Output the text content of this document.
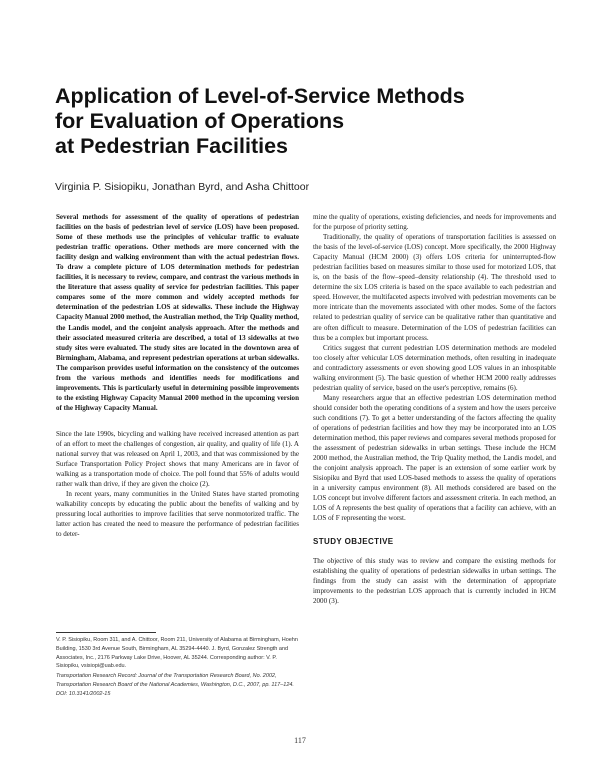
Application of Level-of-Service Methods
for Evaluation of Operations
at Pedestrian Facilities
Virginia P. Sisiopiku, Jonathan Byrd, and Asha Chittoor

Several methods for assessment of the quality of operations of pedestrian facilities on the basis of pedestrian level of service (LOS) have been proposed. Some of these methods use the principles of vehicular traffic to evaluate pedestrian traffic operations. Other methods are more concerned with the facility design and walking environment than with the actual pedestrian flows. To draw a complete picture of LOS determination methods for pedestrian facilities, it is necessary to review, compare, and contrast the various methods in the literature that assess quality of service for pedestrian facilities. This paper compares some of the more common and widely accepted methods for determination of the pedestrian LOS at sidewalks. These include the Highway Capacity Manual 2000 method, the Australian method, the Trip Quality method, the Landis model, and the conjoint analysis approach. After the methods and their associated measured criteria are described, a total of 13 sidewalks at two study sites were evaluated. The study sites are located in the downtown area of Birmingham, Alabama, and represent pedestrian operations at urban sidewalks. The comparison provides useful information on the consistency of the outcomes from the various methods and identifies needs for modifications and improvements. This is particularly useful in determining possible improvements to the existing Highway Capacity Manual 2000 method in the upcoming version of the Highway Capacity Manual.

Since the late 1990s, bicycling and walking have received increased attention as part of an effort to meet the challenges of congestion, air quality, and quality of life (1). A national survey that was released on April 1, 2003, and that was commissioned by the Surface Transportation Policy Project shows that many Americans are in favor of walking as a transportation mode of choice. The poll found that 55% of adults would rather walk than drive, if they are given the choice (2).

In recent years, many communities in the United States have started promoting walkability concepts by educating the public about the benefits of walking and by pressuring local authorities to improve facilities that serve nonmotorized traffic. The latter action has created the need to measure the performance of pedestrian facilities to deter-

V. P. Sisiopiku, Room 311, and A. Chittoor, Room 211, University of Alabama at Birmingham, Hoehn Building, 1530 3rd Avenue South, Birmingham, AL 35294-4440. J. Byrd, Gonzalez Strength and Associates, Inc., 2176 Parkway Lake Drive, Hoover, AL 35244. Corresponding author: V. P. Sisiopiku, vsisiopi@uab.edu.

Transportation Research Record: Journal of the Transportation Research Board, No. 2002, Transportation Research Board of the National Academies, Washington, D.C., 2007, pp. 117–124. DOI: 10.3141/2002-15

mine the quality of operations, existing deficiencies, and needs for improvements and for the purpose of priority setting.

Traditionally, the quality of operations of transportation facilities is assessed on the basis of the level-of-service (LOS) concept. More specifically, the 2000 Highway Capacity Manual (HCM 2000) (3) offers LOS criteria for uninterrupted-flow pedestrian facilities based on measures similar to those used for motorized LOS, that is, on the basis of the flow–speed–density relationship (4). The threshold used to determine the six LOS criteria is based on the space available to each pedestrian and speed. However, the multifaceted aspects involved with pedestrian movements can be more intricate than the movements associated with other modes. Some of the factors related to pedestrian quality of service can be qualitative rather than quantitative and are often difficult to measure. Determination of the LOS of pedestrian facilities can thus be a complex but important process.

Critics suggest that current pedestrian LOS determination methods are modeled too closely after vehicular LOS determination methods, often resulting in inadequate and contradictory assessments or even showing good LOS values in an inhospitable walking environment (5). The basic question of whether HCM 2000 really addresses pedestrian quality of service, based on the user's perceptive, remains (6).

Many researchers argue that an effective pedestrian LOS determination method should consider both the operating conditions of a system and how the users perceive such conditions (7). To get a better understanding of the factors affecting the quality of operations of pedestrian facilities and how they may be incorporated into an LOS determination method, this paper reviews and compares several methods proposed for the assessment of pedestrian sidewalks in urban settings. These include the HCM 2000 method, the Australian method, the Trip Quality method, the Landis model, and the conjoint analysis approach. The paper is an extension of some earlier work by Sisiopiku and Byrd that used LOS-based methods to assess the quality of operations in a university campus environment (8). All methods considered are based on the LOS concept but involve different factors and assessment criteria. In each method, an LOS of A represents the best quality of operations that a facility can achieve, with an LOS of F representing the worst.

STUDY OBJECTIVE

The objective of this study was to review and compare the existing methods for establishing the quality of operations of pedestrian sidewalks in urban settings. The findings from the study can assist with the determination of appropriate improvements to the pedestrian LOS approach that is currently included in HCM 2000 (3).

117
